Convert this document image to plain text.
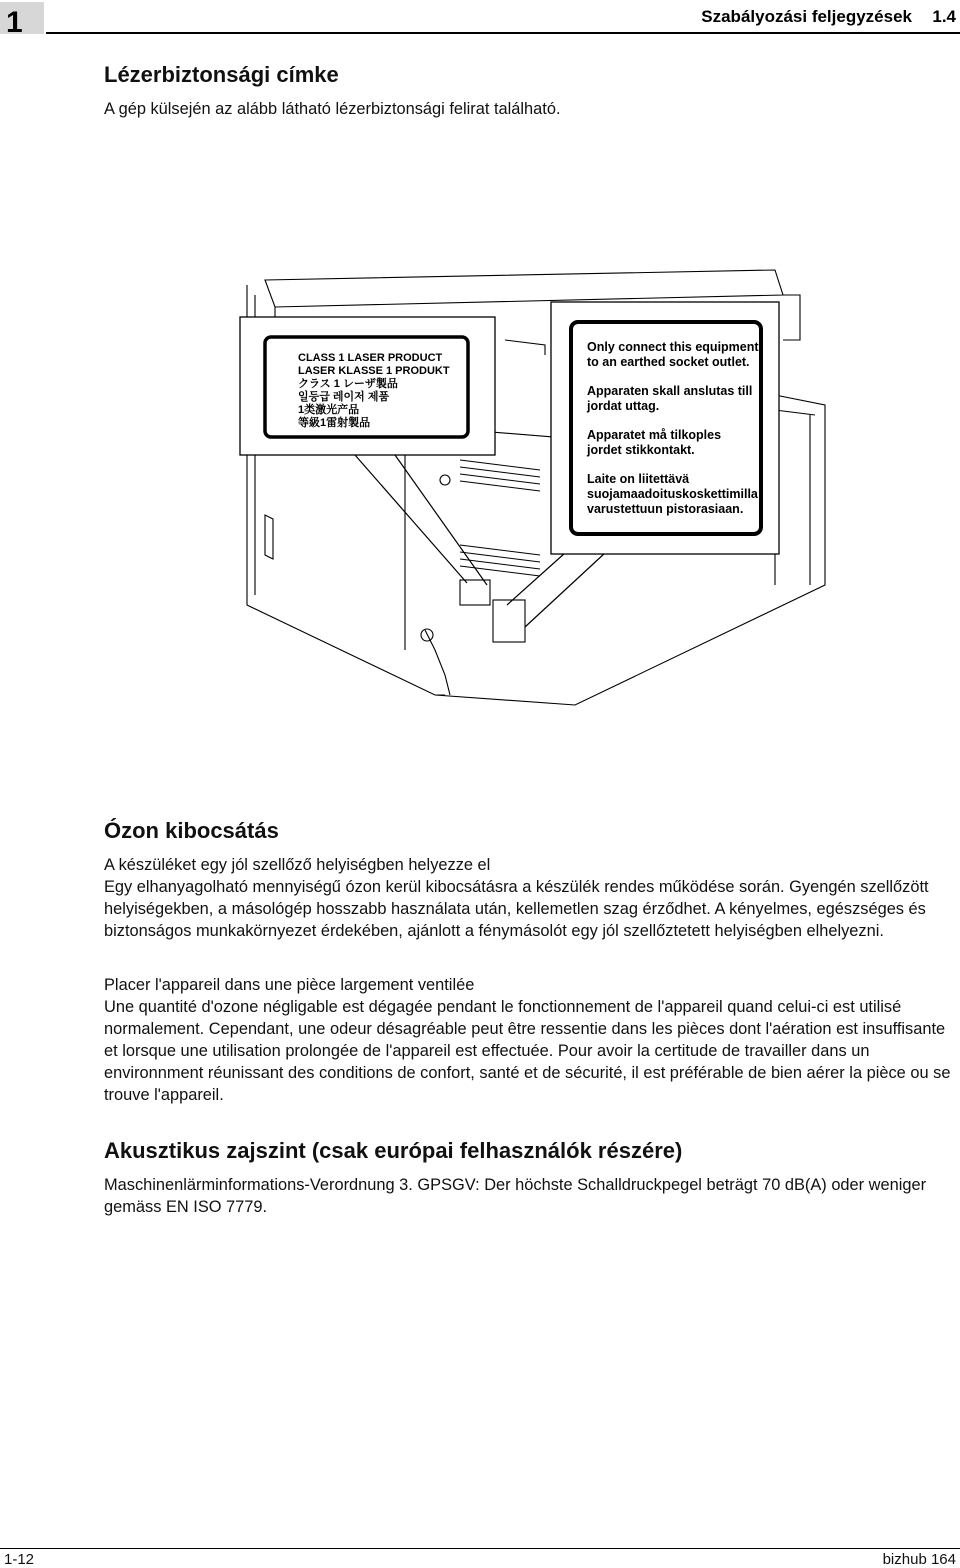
1	Szabályozási feljegyzések 1.4
Lézerbiztonsági címke

A gép külsején az alább látható lézerbiztonsági felirat található.

CLASS 1 LASER PRODUCT
LASER KLASSE 1 PRODUKT
クラス 1 レーザ製品
일등급 레이저 제품
1类激光产品
等級1雷射製品
Only connect this equipment
to an earthed socket outlet.
Apparaten skall anslutas till
jordat uttag.
Apparatet må tilkoples
jordet stikkontakt.
Laite on liitettävä
suojamaadoituskoskettimilla
varustettuun pistorasiaan.
Ózon kibocsátás

A készüléket egy jól szellőző helyiségben helyezze el

Egy elhanyagolható mennyiségű ózon kerül kibocsátásra a készülék rendes működése során. Gyengén szellőzött helyiségekben, a másológép hosszabb használata után, kellemetlen szag érződhet. A kényelmes, egészséges és biztonságos munkakörnyezet érdekében, ajánlott a fénymásolót egy jól szellőztetett helyiségben elhelyezni.

Placer l'appareil dans une pièce largement ventilée

Une quantité d'ozone négligable est dégagée pendant le fonctionnement de l'appareil quand celui-ci est utilisé normalement. Cependant, une odeur désagréable peut être ressentie dans les pièces dont l'aération est insuffisante et lorsque une utilisation prolongée de l'appareil est effectuée. Pour avoir la certitude de travailler dans un environnment réunissant des conditions de confort, santé et de sécurité, il est préférable de bien aérer la pièce ou se trouve l'appareil.

Akusztikus zajszint (csak európai felhasználók részére)

Maschinenlärminformations-Verordnung 3. GPSGV: Der höchste Schalldruckpegel beträgt 70 dB(A) oder weniger gemäss EN ISO 7779.

1-12	bizhub 164
